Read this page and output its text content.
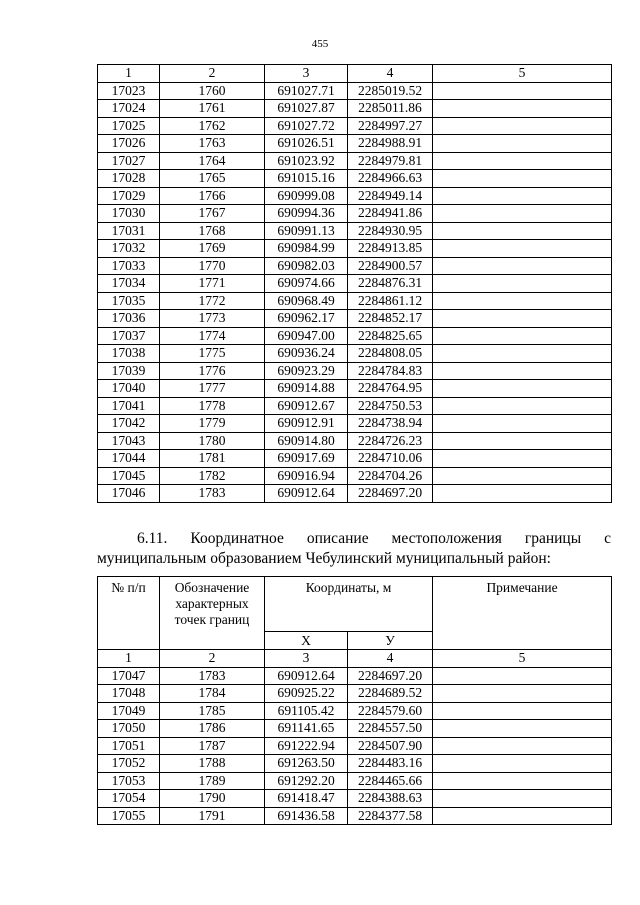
455
1	2	3	4	5
17023	1760	691027.71	2285019.52	
17024	1761	691027.87	2285011.86	
17025	1762	691027.72	2284997.27	
17026	1763	691026.51	2284988.91	
17027	1764	691023.92	2284979.81	
17028	1765	691015.16	2284966.63	
17029	1766	690999.08	2284949.14	
17030	1767	690994.36	2284941.86	
17031	1768	690991.13	2284930.95	
17032	1769	690984.99	2284913.85	
17033	1770	690982.03	2284900.57	
17034	1771	690974.66	2284876.31	
17035	1772	690968.49	2284861.12	
17036	1773	690962.17	2284852.17	
17037	1774	690947.00	2284825.65	
17038	1775	690936.24	2284808.05	
17039	1776	690923.29	2284784.83	
17040	1777	690914.88	2284764.95	
17041	1778	690912.67	2284750.53	
17042	1779	690912.91	2284738.94	
17043	1780	690914.80	2284726.23	
17044	1781	690917.69	2284710.06	
17045	1782	690916.94	2284704.26	
17046	1783	690912.64	2284697.20	
6.11. Координатное описание местоположения границы с
муниципальным образованием Чебулинский муниципальный район:
№ п/п	Обозначение характерных точек границ	Координаты, м		Примечание
		Х	У	
1	2	3	4	5
17047	1783	690912.64	2284697.20	
17048	1784	690925.22	2284689.52	
17049	1785	691105.42	2284579.60	
17050	1786	691141.65	2284557.50	
17051	1787	691222.94	2284507.90	
17052	1788	691263.50	2284483.16	
17053	1789	691292.20	2284465.66	
17054	1790	691418.47	2284388.63	
17055	1791	691436.58	2284377.58	
